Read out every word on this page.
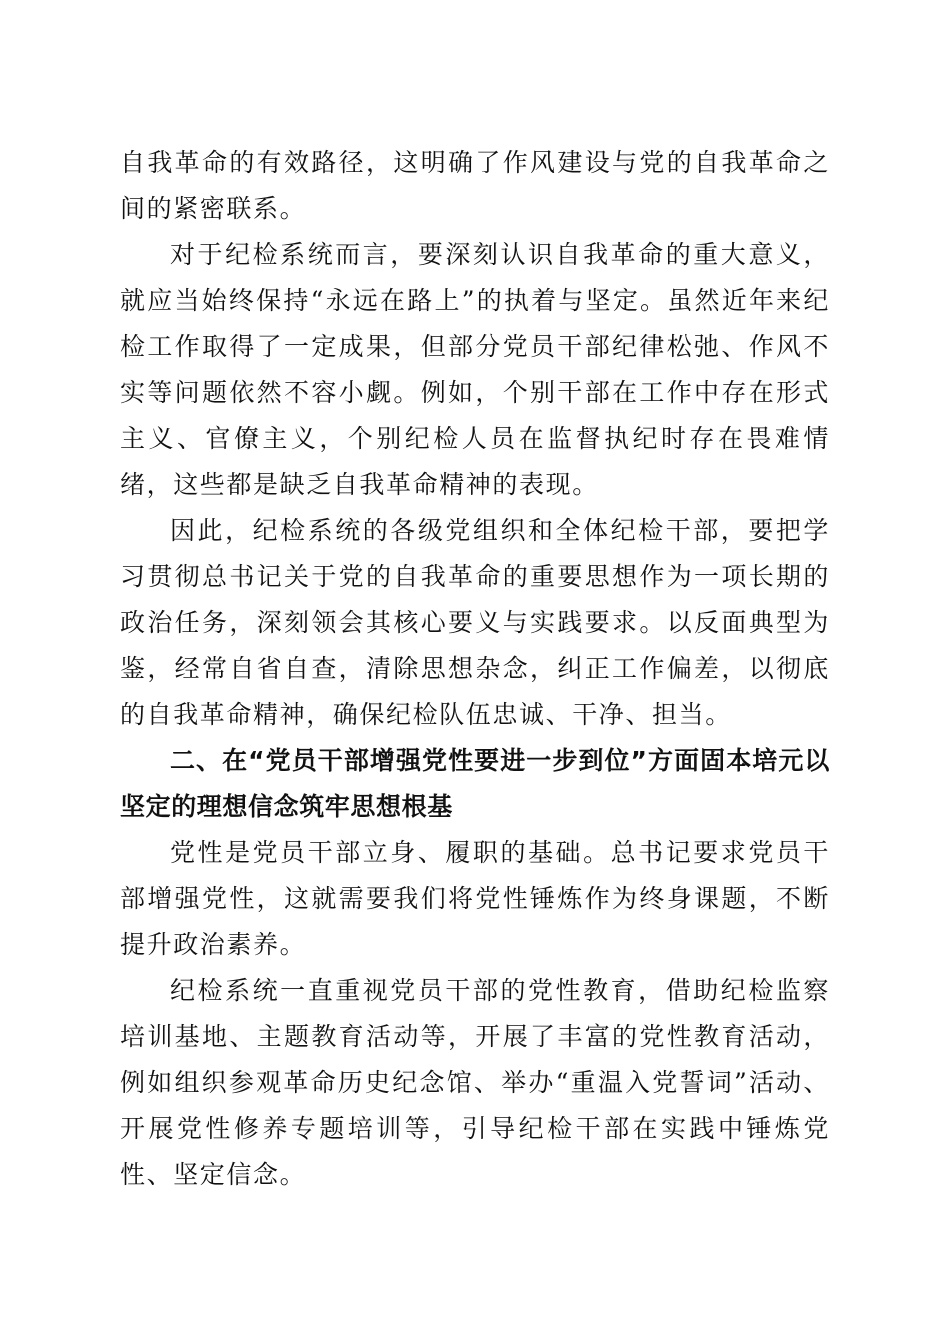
自我革命的有效路径，这明确了作风建设与党的自我革命之间的紧密联系。

对于纪检系统而言，要深刻认识自我革命的重大意义，就应当始终保持“永远在路上”的执着与坚定。虽然近年来纪检工作取得了一定成果，但部分党员干部纪律松弛、作风不实等问题依然不容小觑。例如，个别干部在工作中存在形式主义、官僚主义，个别纪检人员在监督执纪时存在畏难情绪，这些都是缺乏自我革命精神的表现。

因此，纪检系统的各级党组织和全体纪检干部，要把学习贯彻总书记关于党的自我革命的重要思想作为一项长期的政治任务，深刻领会其核心要义与实践要求。以反面典型为鉴，经常自省自查，清除思想杂念，纠正工作偏差，以彻底的自我革命精神，确保纪检队伍忠诚、干净、担当。

二、在“党员干部增强党性要进一步到位”方面固本培元以坚定的理想信念筑牢思想根基

党性是党员干部立身、履职的基础。总书记要求党员干部增强党性，这就需要我们将党性锤炼作为终身课题，不断提升政治素养。

纪检系统一直重视党员干部的党性教育，借助纪检监察培训基地、主题教育活动等，开展了丰富的党性教育活动，例如组织参观革命历史纪念馆、举办“重温入党誓词”活动、开展党性修养专题培训等，引导纪检干部在实践中锤炼党性、坚定信念。
